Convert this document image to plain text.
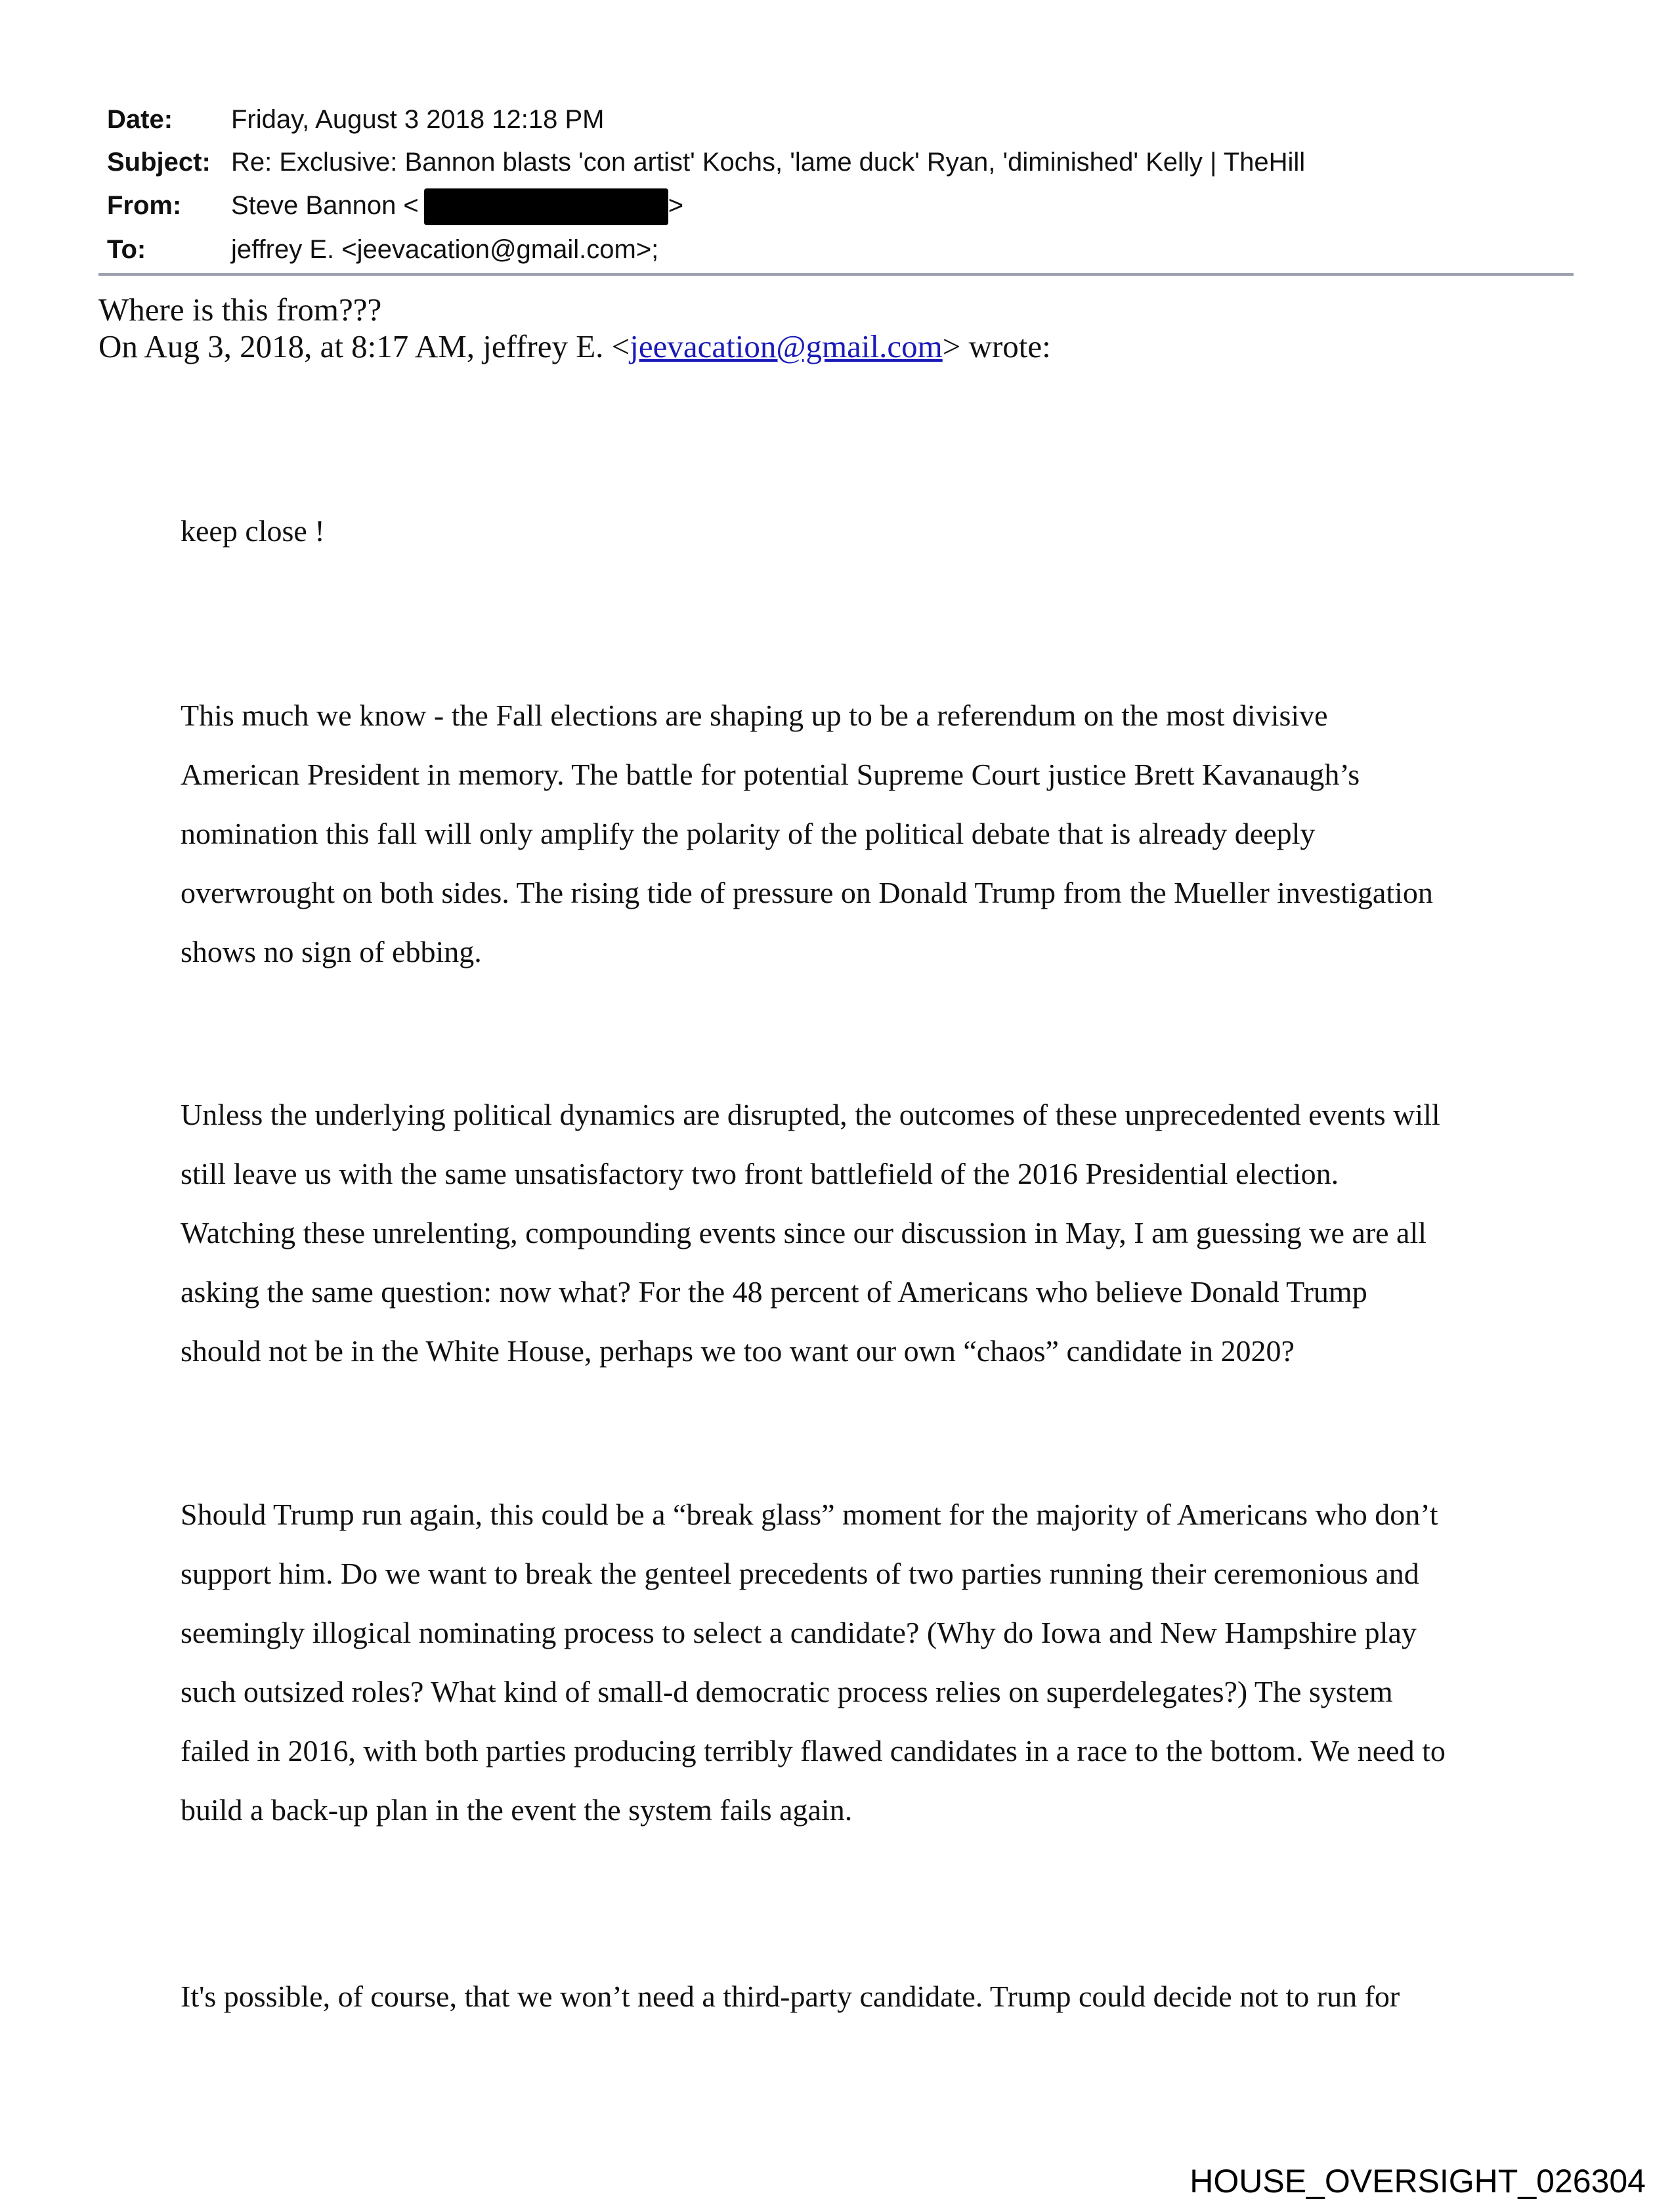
Date: Friday, August 3 2018 12:18 PM
Subject: Re: Exclusive: Bannon blasts 'con artist' Kochs, 'lame duck' Ryan, 'diminished' Kelly | TheHill
From: Steve Bannon <	>
To:	jeffrey E. <jeevacation@gmail.com>;
Where is this from???
On Aug 3, 2018, at 8:17 AM, jeffrey E. <jeevacation@gmail.com> wrote:
keep close !
This much we know - the Fall elections are shaping up to be a referendum on the most divisive
American President in memory. The battle for potential Supreme Court justice Brett Kavanaugh’s
nomination this fall will only amplify the polarity of the political debate that is already deeply
overwrought on both sides. The rising tide of pressure on Donald Trump from the Mueller investigation
shows no sign of ebbing.
Unless the underlying political dynamics are disrupted, the outcomes of these unprecedented events will
still leave us with the same unsatisfactory two front battlefield of the 2016 Presidential election.
Watching these unrelenting, compounding events since our discussion in May, I am guessing we are all
asking the same question: now what? For the 48 percent of Americans who believe Donald Trump
should not be in the White House, perhaps we too want our own “chaos” candidate in 2020?
Should Trump run again, this could be a “break glass” moment for the majority of Americans who don’t
support him. Do we want to break the genteel precedents of two parties running their ceremonious and
seemingly illogical nominating process to select a candidate? (Why do Iowa and New Hampshire play
such outsized roles? What kind of small-d democratic process relies on superdelegates?) The system
failed in 2016, with both parties producing terribly flawed candidates in a race to the bottom. We need to
build a back-up plan in the event the system fails again.
It's possible, of course, that we won’t need a third-party candidate. Trump could decide not to run for
HOUSE_OVERSIGHT_026304
